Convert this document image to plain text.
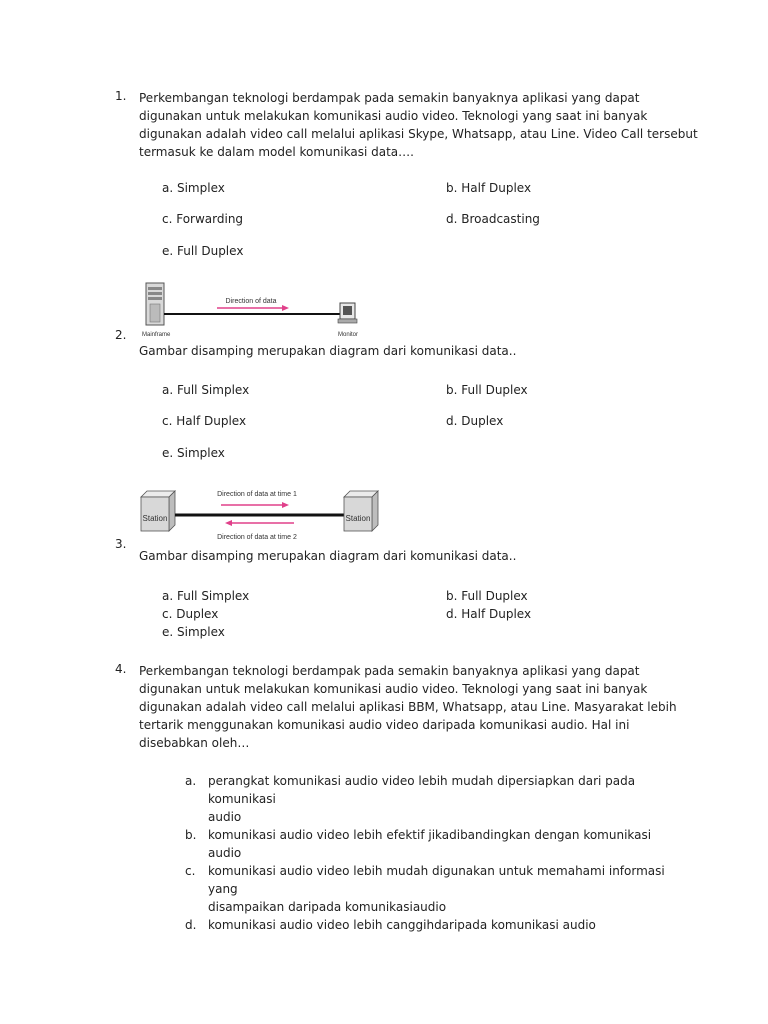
1.	Perkembangan teknologi berdampak pada semakin banyaknya aplikasi yang dapat
digunakan untuk melakukan komunikasi audio video. Teknologi yang saat ini banyak
digunakan adalah video call melalui aplikasi Skype, Whatsapp, atau Line. Video Call tersebut
termasuk ke dalam model komunikasi data….
a. Simplex	b. Half Duplex
c. Forwarding	d. Broadcasting
e. Full Duplex
Direction of data
Mainframe	Monitor
2.
Gambar disamping merupakan diagram dari komunikasi data..
a. Full Simplex	b. Full Duplex
c. Half Duplex	d. Duplex
e. Simplex
Station
Direction of data at time 1
Direction of data at time 2
Station
3.
Gambar disamping merupakan diagram dari komunikasi data..
a. Full Simplex	b. Full Duplex
c. Duplex	d. Half Duplex
e. Simplex
4.	Perkembangan teknologi berdampak pada semakin banyaknya aplikasi yang dapat
digunakan untuk melakukan komunikasi audio video. Teknologi yang saat ini banyak
digunakan adalah video call melalui aplikasi BBM, Whatsapp, atau Line. Masyarakat lebih
tertarik menggunakan komunikasi audio video daripada komunikasi audio. Hal ini
disebabkan oleh…
a. perangkat komunikasi audio video lebih mudah dipersiapkan dari pada komunikasi
audio
b. komunikasi audio video lebih efektif jikadibandingkan dengan komunikasi
audio
c. komunikasi audio video lebih mudah digunakan untuk memahami informasi yang
disampaikan daripada komunikasiaudio
d. komunikasi audio video lebih canggihdaripada komunikasi audio
